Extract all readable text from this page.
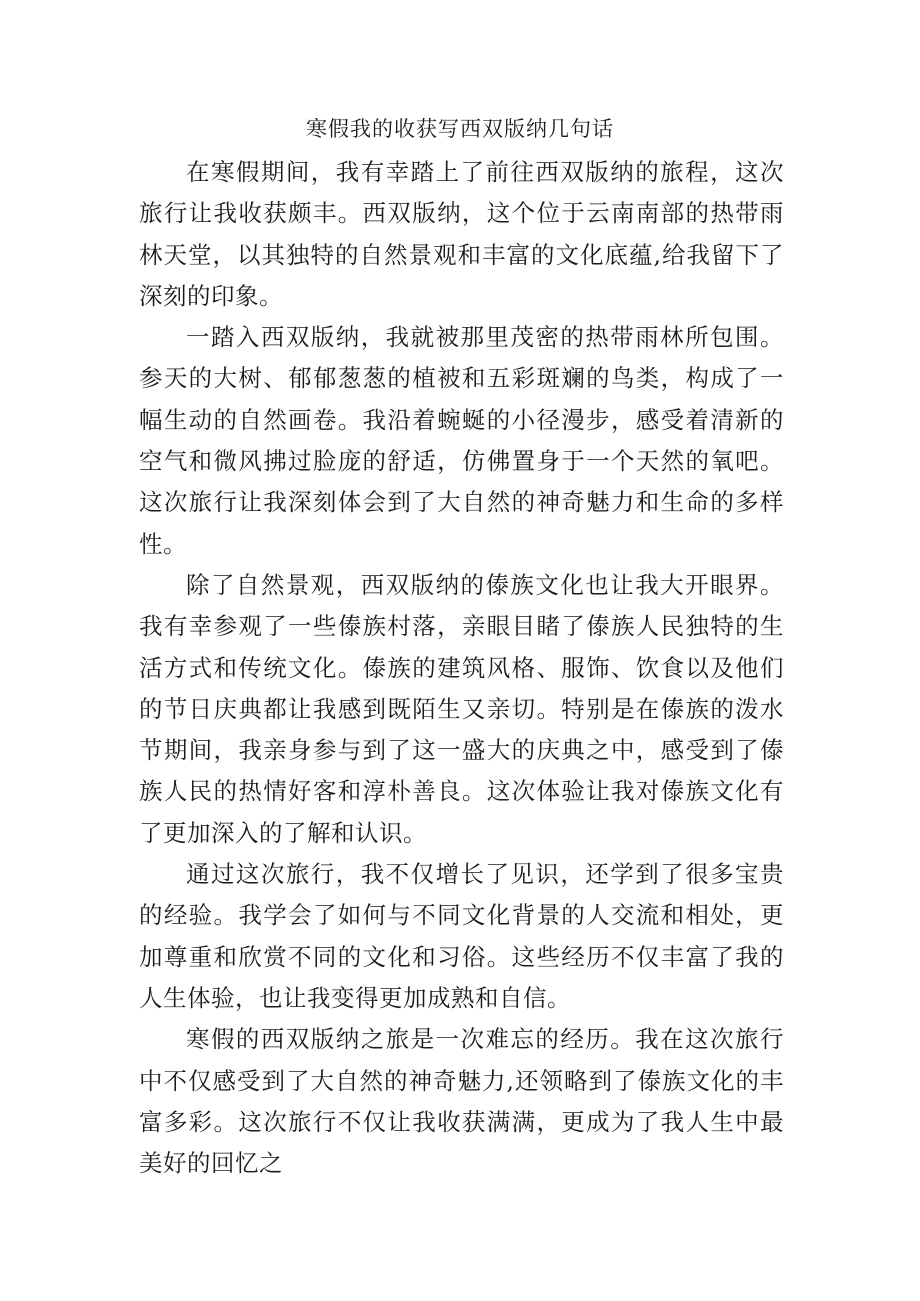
寒假我的收获写西双版纳几句话

在寒假期间，我有幸踏上了前往西双版纳的旅程，这次旅行让我收获颇丰。西双版纳，这个位于云南南部的热带雨林天堂，以其独特的自然景观和丰富的文化底蕴,给我留下了深刻的印象。

一踏入西双版纳，我就被那里茂密的热带雨林所包围。参天的大树、郁郁葱葱的植被和五彩斑斓的鸟类，构成了一幅生动的自然画卷。我沿着蜿蜒的小径漫步，感受着清新的空气和微风拂过脸庞的舒适，仿佛置身于一个天然的氧吧。这次旅行让我深刻体会到了大自然的神奇魅力和生命的多样性。

除了自然景观，西双版纳的傣族文化也让我大开眼界。我有幸参观了一些傣族村落，亲眼目睹了傣族人民独特的生活方式和传统文化。傣族的建筑风格、服饰、饮食以及他们的节日庆典都让我感到既陌生又亲切。特别是在傣族的泼水节期间，我亲身参与到了这一盛大的庆典之中，感受到了傣族人民的热情好客和淳朴善良。这次体验让我对傣族文化有了更加深入的了解和认识。

通过这次旅行，我不仅增长了见识，还学到了很多宝贵的经验。我学会了如何与不同文化背景的人交流和相处，更加尊重和欣赏不同的文化和习俗。这些经历不仅丰富了我的人生体验，也让我变得更加成熟和自信。

寒假的西双版纳之旅是一次难忘的经历。我在这次旅行中不仅感受到了大自然的神奇魅力,还领略到了傣族文化的丰富多彩。这次旅行不仅让我收获满满，更成为了我人生中最美好的回忆之
